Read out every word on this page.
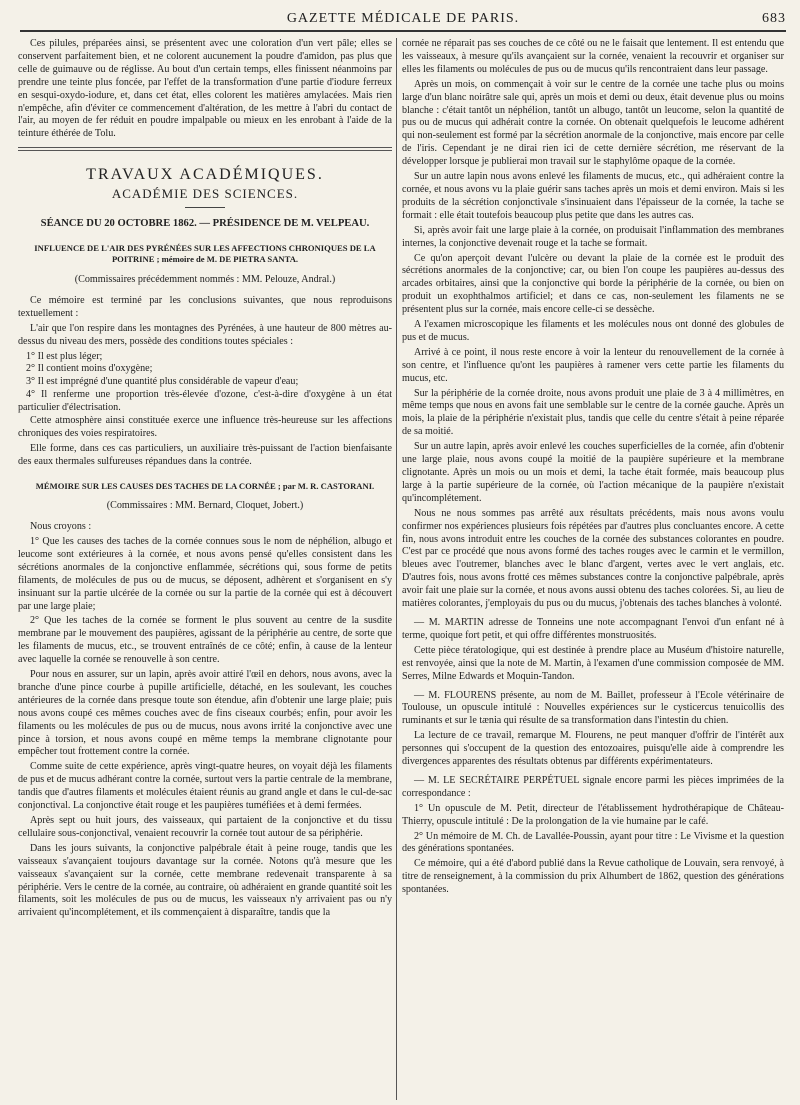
GAZETTE MÉDICALE DE PARIS.	683

Ces pilules, préparées ainsi, se présentent avec une coloration d'un vert pâle; elles se conservent parfaitement bien, et ne colorent aucunement la poudre d'amidon, pas plus que celle de guimauve ou de réglisse. Au bout d'un certain temps, elles finissent néanmoins par prendre une teinte plus foncée, par l'effet de la transformation d'une partie d'iodure ferreux en sesqui-oxydo-iodure, et, dans cet état, elles colorent les matières amylacées. Mais rien n'empêche, afin d'éviter ce commencement d'altération, de les mettre à l'abri du contact de l'air, au moyen de fer réduit en poudre impalpable ou mieux en les enrobant à l'aide de la teinture éthérée de Tolu.

TRAVAUX ACADÉMIQUES.
ACADÉMIE DES SCIENCES.
SÉANCE DU 20 OCTOBRE 1862. — PRÉSIDENCE DE M. VELPEAU.
INFLUENCE DE L'AIR DES PYRÉNÉES SUR LES AFFECTIONS CHRONIQUES DE LA POITRINE ; mémoire de M. DE PIETRA SANTA.

(Commissaires précédemment nommés : MM. Pelouze, Andral.)

Ce mémoire est terminé par les conclusions suivantes, que nous reproduisons textuellement :

L'air que l'on respire dans les montagnes des Pyrénées, à une hauteur de 800 mètres au-dessus du niveau des mers, possède des conditions toutes spéciales :

1° Il est plus léger;

2° Il contient moins d'oxygène;

3° Il est imprégné d'une quantité plus considérable de vapeur d'eau;

4° Il renferme une proportion très-élevée d'ozone, c'est-à-dire d'oxygène à un état particulier d'électrisation.

Cette atmosphère ainsi constituée exerce une influence très-heureuse sur les affections chroniques des voies respiratoires.

Elle forme, dans ces cas particuliers, un auxiliaire très-puissant de l'action bienfaisante des eaux thermales sulfureuses répandues dans la contrée.

MÉMOIRE SUR LES CAUSES DES TACHES DE LA CORNÉE ; par M. R. CASTORANI.

(Commissaires : MM. Bernard, Cloquet, Jobert.)

Nous croyons :

1° Que les causes des taches de la cornée connues sous le nom de néphélion, albugo et leucome sont extérieures à la cornée, et nous avons pensé qu'elles consistent dans les sécrétions anormales de la conjonctive enflammée, sécrétions qui, sous forme de petits filaments, de molécules de pus ou de mucus, se déposent, adhèrent et s'organisent en s'y insinuant sur la partie ulcérée de la cornée ou sur la partie de la cornée qui est à découvert par une large plaie;

2° Que les taches de la cornée se forment le plus souvent au centre de la susdite membrane par le mouvement des paupières, agissant de la périphérie au centre, de sorte que les filaments de mucus, etc., se trouvent entraînés de ce côté; enfin, à cause de la lenteur avec laquelle la cornée se renouvelle à son centre.

Pour nous en assurer, sur un lapin, après avoir attiré l'œil en dehors, nous avons, avec la branche d'une pince courbe à pupille artificielle, détaché, en les soulevant, les couches antérieures de la cornée dans presque toute son étendue, afin d'obtenir une large plaie; puis nous avons coupé ces mêmes couches avec de fins ciseaux courbés; enfin, pour avoir les filaments ou les molécules de pus ou de mucus, nous avons irrité la conjonctive avec une pince à torsion, et nous avons coupé en même temps la membrane clignotante pour empêcher tout frottement contre la cornée.

Comme suite de cette expérience, après vingt-quatre heures, on voyait déjà les filaments de pus et de mucus adhérant contre la cornée, surtout vers la partie centrale de la membrane, tandis que d'autres filaments et molécules étaient réunis au grand angle et dans le cul-de-sac conjonctival. La conjonctive était rouge et les paupières tuméfiées et à demi fermées.

Après sept ou huit jours, des vaisseaux, qui partaient de la conjonctive et du tissu cellulaire sous-conjonctival, venaient recouvrir la cornée tout autour de sa périphérie.

Dans les jours suivants, la conjonctive palpébrale était à peine rouge, tandis que les vaisseaux s'avançaient toujours davantage sur la cornée. Notons qu'à mesure que les vaisseaux s'avançaient sur la cornée, cette membrane redevenait transparente à sa périphérie. Vers le centre de la cornée, au contraire, où adhéraient en grande quantité soit les filaments, soit les molécules de pus ou de mucus, les vaisseaux n'y arrivaient pas ou n'y arrivaient qu'incomplétement, et ils commençaient à disparaître, tandis que la

cornée ne réparait pas ses couches de ce côté ou ne le faisait que lentement. Il est entendu que les vaisseaux, à mesure qu'ils avançaient sur la cornée, venaient la recouvrir et organiser sur elles les filaments ou molécules de pus ou de mucus qu'ils rencontraient dans leur passage.

Après un mois, on commençait à voir sur le centre de la cornée une tache plus ou moins large d'un blanc noirâtre sale qui, après un mois et demi ou deux, était devenue plus ou moins blanche : c'était tantôt un néphélion, tantôt un albugo, tantôt un leucome, selon la quantité de pus ou de mucus qui adhérait contre la cornée. On obtenait quelquefois le leucome adhérent qui non-seulement est formé par la sécrétion anormale de la conjonctive, mais encore par celle de l'iris. Cependant je ne dirai rien ici de cette dernière sécrétion, me réservant de la développer lorsque je publierai mon travail sur le staphylôme opaque de la cornée.

Sur un autre lapin nous avons enlevé les filaments de mucus, etc., qui adhéraient contre la cornée, et nous avons vu la plaie guérir sans taches après un mois et demi environ. Mais si les produits de la sécrétion conjonctivale s'insinuaient dans l'épaisseur de la cornée, la tache se formait : elle était toutefois beaucoup plus petite que dans les autres cas.

Si, après avoir fait une large plaie à la cornée, on produisait l'inflammation des membranes internes, la conjonctive devenait rouge et la tache se formait.

Ce qu'on aperçoit devant l'ulcère ou devant la plaie de la cornée est le produit des sécrétions anormales de la conjonctive; car, ou bien l'on coupe les paupières au-dessus des arcades orbitaires, ainsi que la conjonctive qui borde la périphérie de la cornée, ou bien on produit un exophthalmos artificiel; et dans ce cas, non-seulement les filaments ne se présentent plus sur la cornée, mais encore celle-ci se dessèche.

A l'examen microscopique les filaments et les molécules nous ont donné des globules de pus et de mucus.

Arrivé à ce point, il nous reste encore à voir la lenteur du renouvellement de la cornée à son centre, et l'influence qu'ont les paupières à ramener vers cette partie les filaments du mucus, etc.

Sur la périphérie de la cornée droite, nous avons produit une plaie de 3 à 4 millimètres, en même temps que nous en avons fait une semblable sur le centre de la cornée gauche. Après un mois, la plaie de la périphérie n'existait plus, tandis que celle du centre s'était à peine réparée de sa moitié.

Sur un autre lapin, après avoir enlevé les couches superficielles de la cornée, afin d'obtenir une large plaie, nous avons coupé la moitié de la paupière supérieure et la membrane clignotante. Après un mois ou un mois et demi, la tache était formée, mais beaucoup plus large à la partie supérieure de la cornée, où l'action mécanique de la paupière n'existait qu'incomplétement.

Nous ne nous sommes pas arrêté aux résultats précédents, mais nous avons voulu confirmer nos expériences plusieurs fois répétées par d'autres plus concluantes encore. A cette fin, nous avons introduit entre les couches de la cornée des substances colorantes en poudre. C'est par ce procédé que nous avons formé des taches rouges avec le carmin et le vermillon, bleues avec l'outremer, blanches avec le blanc d'argent, vertes avec le vert anglais, etc. D'autres fois, nous avons frotté ces mêmes substances contre la conjonctive palpébrale, après avoir fait une plaie sur la cornée, et nous avons aussi obtenu des taches colorées. Si, au lieu de matières colorantes, j'employais du pus ou du mucus, j'obtenais des taches blanches à volonté.

— M. MARTIN adresse de Tonneins une note accompagnant l'envoi d'un enfant né à terme, quoique fort petit, et qui offre différentes monstruosités.

Cette pièce tératologique, qui est destinée à prendre place au Muséum d'histoire naturelle, est renvoyée, ainsi que la note de M. Martin, à l'examen d'une commission composée de MM. Serres, Milne Edwards et Moquin-Tandon.

— M. FLOURENS présente, au nom de M. Baillet, professeur à l'Ecole vétérinaire de Toulouse, un opuscule intitulé : Nouvelles expériences sur le cysticercus tenuicollis des ruminants et sur le tænia qui résulte de sa transformation dans l'intestin du chien.

La lecture de ce travail, remarque M. Flourens, ne peut manquer d'offrir de l'intérêt aux personnes qui s'occupent de la question des entozoaires, puisqu'elle aide à comprendre les divergences apparentes des résultats obtenus par différents expérimentateurs.

— M. LE SECRÉTAIRE PERPÉTUEL signale encore parmi les pièces imprimées de la correspondance :

1° Un opuscule de M. Petit, directeur de l'établissement hydrothérapique de Château-Thierry, opuscule intitulé : De la prolongation de la vie humaine par le café.

2° Un mémoire de M. Ch. de Lavallée-Poussin, ayant pour titre : Le Vivisme et la question des générations spontanées.

Ce mémoire, qui a été d'abord publié dans la Revue catholique de Louvain, sera renvoyé, à titre de renseignement, à la commission du prix Alhumbert de 1862, question des générations spontanées.
